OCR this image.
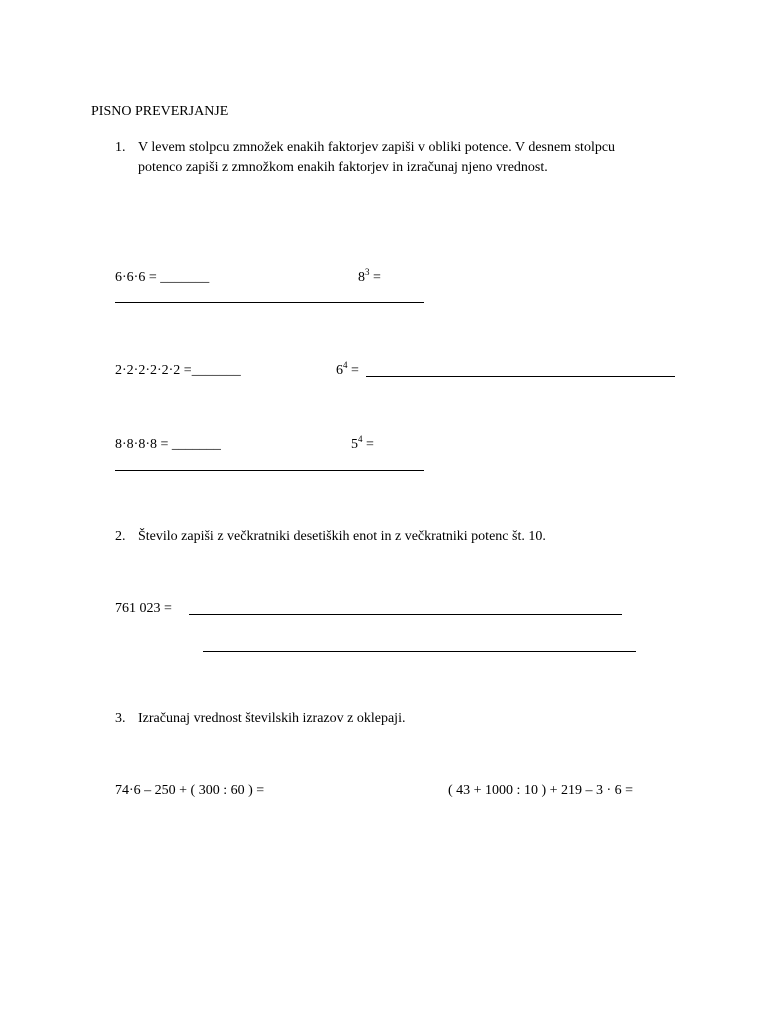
PISNO PREVERJANJE
1. V levem stolpcu zmnožek enakih faktorjev zapiši v obliki potence. V desnem stolpcu
potenco zapiši z zmnožkom enakih faktorjev in izračunaj njeno vrednost.
6·6·6 = _______	$8^3$ =
2·2·2·2·2·2 =_______	$6^4$ =
8·8·8·8 = _______	$5^4$ =
2. Število zapiši z večkratniki desetiških enot in z večkratniki potenc št. 10.
761 023 =
3. Izračunaj vrednost številskih izrazov z oklepaji.
74·6 – 250 + ( 300 : 60 ) =	( 43 + 1000 : 10 ) + 219 – 3 · 6 =
